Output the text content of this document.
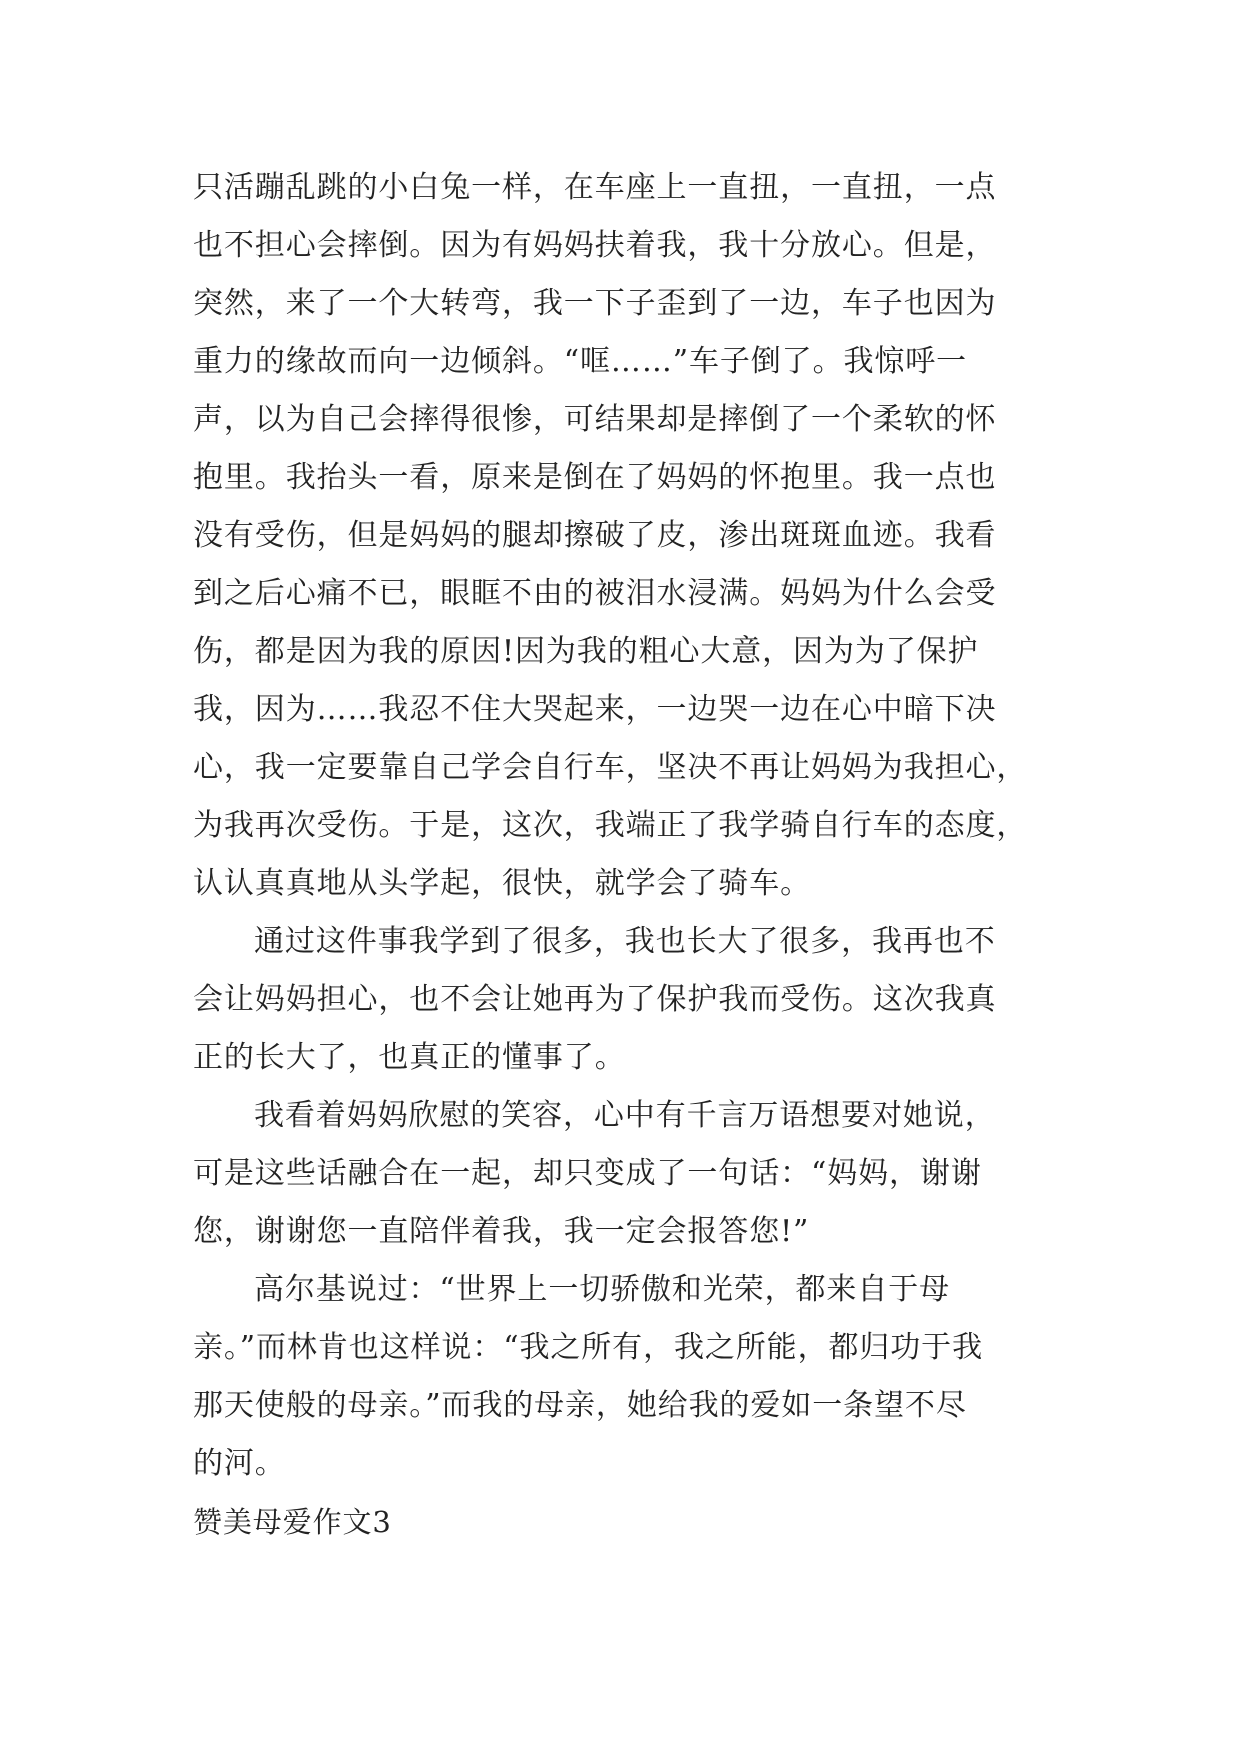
只活蹦乱跳的小白兔一样，在车座上一直扭，一直扭，一点
也不担心会摔倒。因为有妈妈扶着我，我十分放心。但是，
突然，来了一个大转弯，我一下子歪到了一边，车子也因为
重力的缘故而向一边倾斜。“哐……”车子倒了。我惊呼一
声，以为自己会摔得很惨，可结果却是摔倒了一个柔软的怀
抱里。我抬头一看，原来是倒在了妈妈的怀抱里。我一点也
没有受伤，但是妈妈的腿却擦破了皮，渗出斑斑血迹。我看
到之后心痛不已，眼眶不由的被泪水浸满。妈妈为什么会受
伤，都是因为我的原因!因为我的粗心大意，因为为了保护
我，因为……我忍不住大哭起来，一边哭一边在心中暗下决
心，我一定要靠自己学会自行车，坚决不再让妈妈为我担心，
为我再次受伤。于是，这次，我端正了我学骑自行车的态度，
认认真真地从头学起，很快，就学会了骑车。
通过这件事我学到了很多，我也长大了很多，我再也不
会让妈妈担心，也不会让她再为了保护我而受伤。这次我真
正的长大了，也真正的懂事了。
我看着妈妈欣慰的笑容，心中有千言万语想要对她说，
可是这些话融合在一起，却只变成了一句话：“妈妈，谢谢
您，谢谢您一直陪伴着我，我一定会报答您!”
高尔基说过：“世界上一切骄傲和光荣，都来自于母
亲。”而林肯也这样说：“我之所有，我之所能，都归功于我
那天使般的母亲。”而我的母亲，她给我的爱如一条望不尽
的河。
赞美母爱作文3
